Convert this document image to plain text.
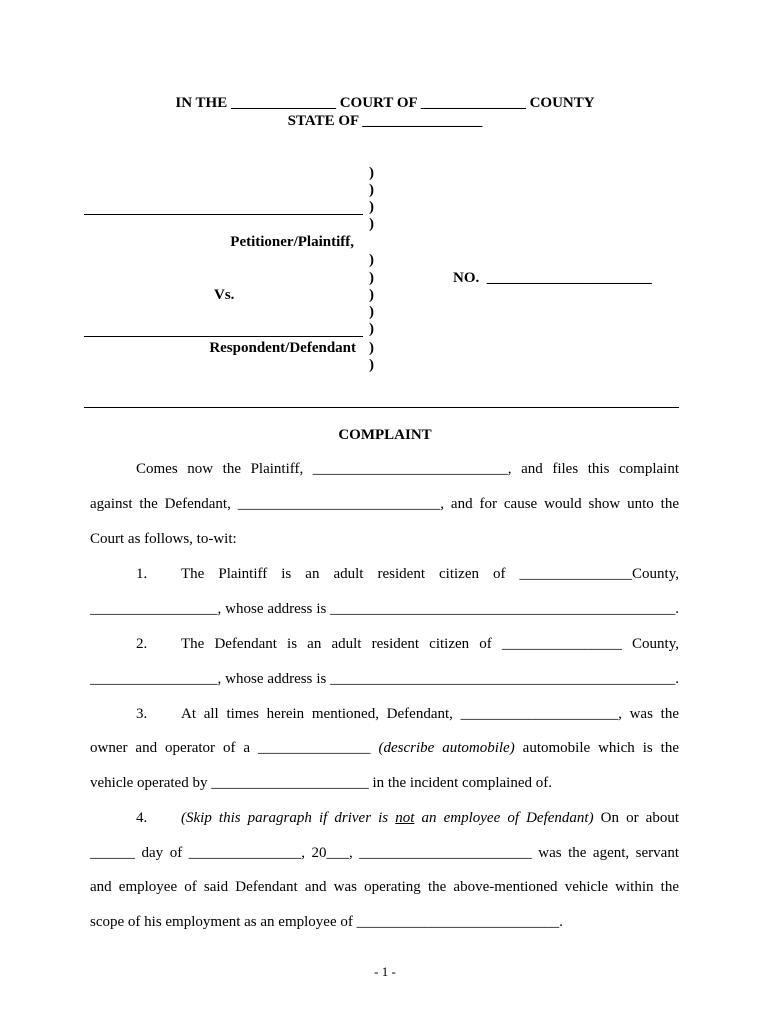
IN THE ______________ COURT OF ______________ COUNTY
STATE OF ________________
)
)
)
)
)
)
)
)
)
)
)
Petitioner/Plaintiff,
Vs.
NO.  ______________________
Respondent/Defendant
COMPLAINT
Comes now the Plaintiff, __________________________, and files this complaint
against the Defendant, ___________________________, and for cause would show unto the
Court as follows, to-wit:
1. The Plaintiff is an adult resident citizen of _______________County,
_________________, whose address is ______________________________________________.
2. The Defendant is an adult resident citizen of ________________ County,
_________________, whose address is ______________________________________________.
3. At all times herein mentioned, Defendant, _____________________, was the
owner and operator of a _______________ (describe automobile) automobile which is the
vehicle operated by _____________________ in the incident complained of.
4. (Skip this paragraph if driver is not an employee of Defendant) On or about
______ day of _______________, 20___, _______________________ was the agent, servant
and employee of said Defendant and was operating the above-mentioned vehicle within the
scope of his employment as an employee of ___________________________.
- 1 -
